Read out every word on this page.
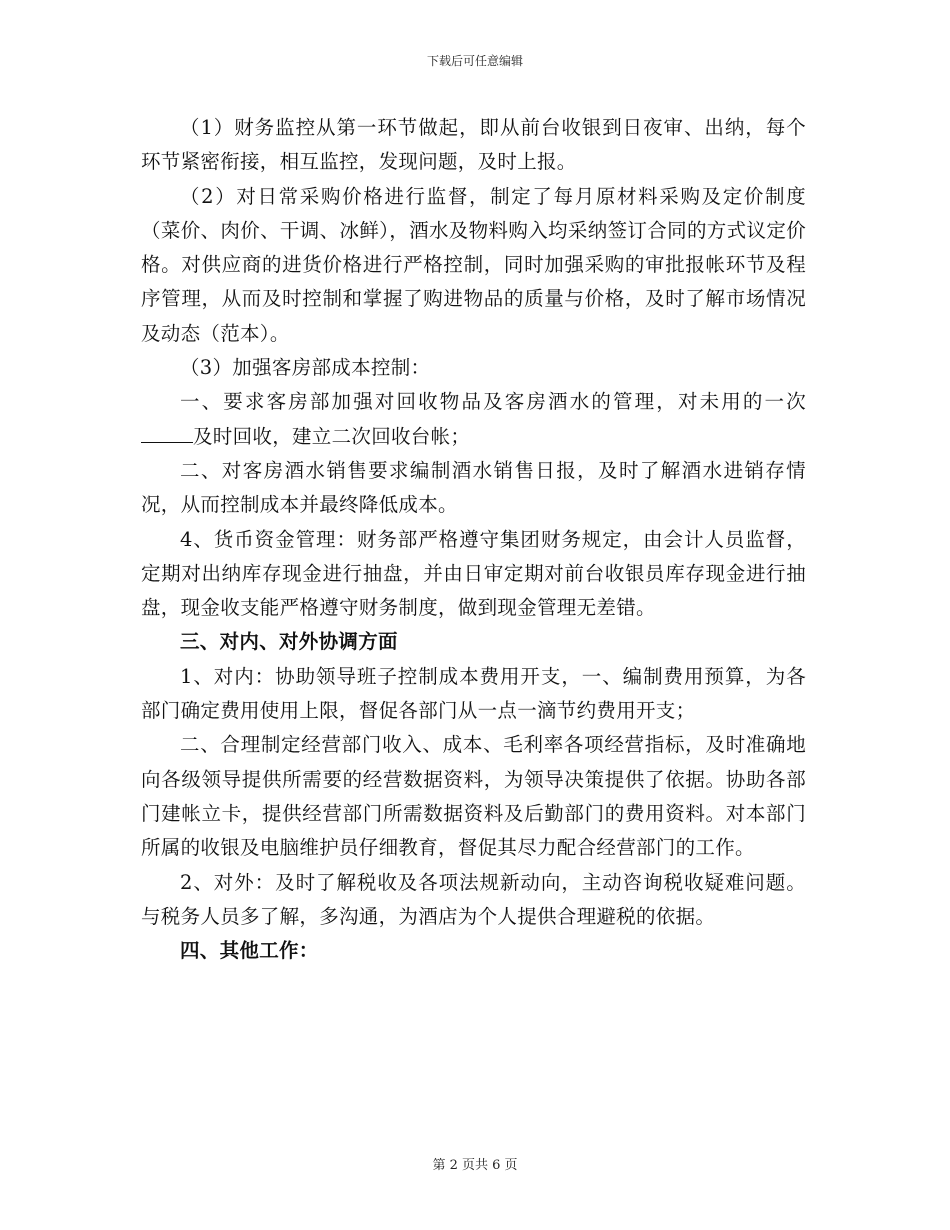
下载后可任意编辑

（1）财务监控从第一环节做起，即从前台收银到日夜审、出纳，每个环节紧密衔接，相互监控，发现问题，及时上报。

（2）对日常采购价格进行监督，制定了每月原材料采购及定价制度（菜价、肉价、干调、冰鲜），酒水及物料购入均采纳签订合同的方式议定价格。对供应商的进货价格进行严格控制，同时加强采购的审批报帐环节及程序管理，从而及时控制和掌握了购进物品的质量与价格，及时了解市场情况及动态（范本）。

（3）加强客房部成本控制：

一、要求客房部加强对回收物品及客房酒水的管理，对未用的一次及时回收，建立二次回收台帐；

二、对客房酒水销售要求编制酒水销售日报，及时了解酒水进销存情况，从而控制成本并最终降低成本。

4、货币资金管理：财务部严格遵守集团财务规定，由会计人员监督，定期对出纳库存现金进行抽盘，并由日审定期对前台收银员库存现金进行抽盘，现金收支能严格遵守财务制度，做到现金管理无差错。

三、对内、对外协调方面

1、对内：协助领导班子控制成本费用开支，一、编制费用预算，为各部门确定费用使用上限，督促各部门从一点一滴节约费用开支；

二、合理制定经营部门收入、成本、毛利率各项经营指标，及时准确地向各级领导提供所需要的经营数据资料，为领导决策提供了依据。协助各部门建帐立卡，提供经营部门所需数据资料及后勤部门的费用资料。对本部门所属的收银及电脑维护员仔细教育，督促其尽力配合经营部门的工作。

2、对外：及时了解税收及各项法规新动向，主动咨询税收疑难问题。与税务人员多了解，多沟通，为酒店为个人提供合理避税的依据。

四、其他工作：

第 2 页共 6 页
